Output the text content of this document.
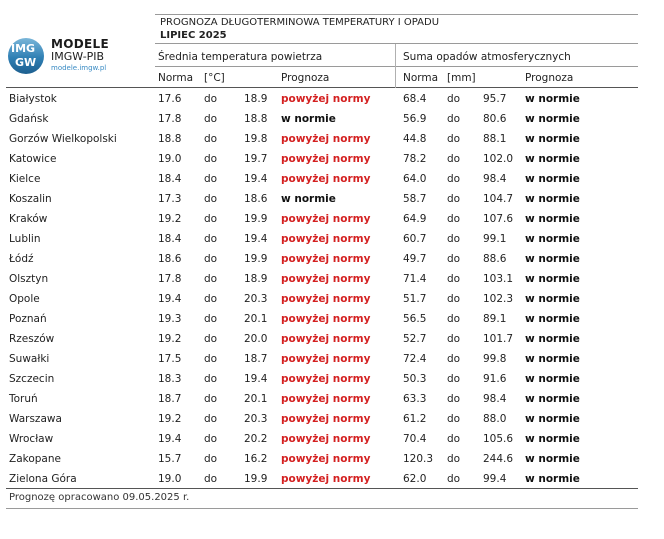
IMG
GW
MODELE
IMGW-PIB
modele.imgw.pl
PROGNOZA DŁUGOTERMINOWA TEMPERATURY I OPADU
LIPIEC 2025
Średnia temperatura powietrza	Suma opadów atmosferycznych
Norma [°C]	Prognoza	Norma [mm]	Prognoza
Białystok	17.6 do	18.9 powyżej normy	68.4 do 95.7 w normie
Gdańsk	17.8 do	18.8 w normie	56.9 do 80.6 w normie
Gorzów Wielkopolski	18.8 do	19.8 powyżej normy	44.8 do 88.1 w normie
Katowice	19.0 do	19.7 powyżej normy	78.2 do 102.0 w normie
Kielce	18.4 do	19.4 powyżej normy	64.0 do 98.4 w normie
Koszalin	17.3 do	18.6 w normie	58.7 do 104.7 w normie
Kraków	19.2 do	19.9 powyżej normy	64.9 do 107.6 w normie
Lublin	18.4 do	19.4 powyżej normy	60.7 do 99.1 w normie
Łódź	18.6 do	19.9 powyżej normy	49.7 do 88.6 w normie
Olsztyn	17.8 do	18.9 powyżej normy	71.4 do 103.1 w normie
Opole	19.4 do	20.3 powyżej normy	51.7 do 102.3 w normie
Poznań	19.3 do	20.1 powyżej normy	56.5 do 89.1 w normie
Rzeszów	19.2 do	20.0 powyżej normy	52.7 do 101.7 w normie
Suwałki	17.5 do	18.7 powyżej normy	72.4 do 99.8 w normie
Szczecin	18.3 do	19.4 powyżej normy	50.3 do 91.6 w normie
Toruń	18.7 do	20.1 powyżej normy	63.3 do 98.4 w normie
Warszawa	19.2 do	20.3 powyżej normy	61.2 do 88.0 w normie
Wrocław	19.4 do	20.2 powyżej normy	70.4 do 105.6 w normie
Zakopane	15.7 do	16.2 powyżej normy	120.3 do 244.6 w normie
Zielona Góra	19.0 do	19.9 powyżej normy	62.0 do 99.4 w normie
Prognozę opracowano 09.05.2025 r.
